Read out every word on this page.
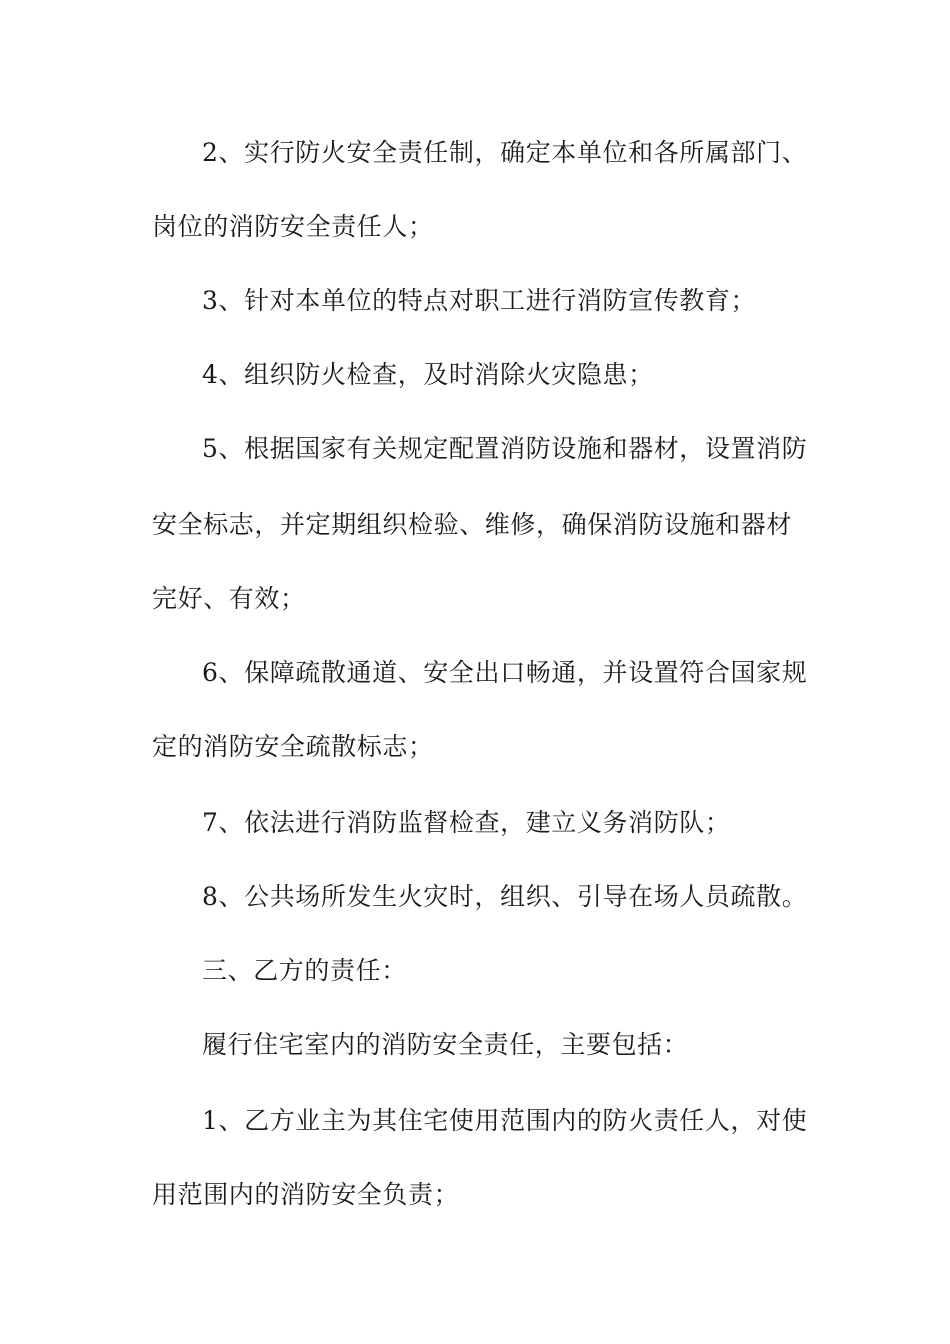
2、实行防火安全责任制，确定本单位和各所属部门、
岗位的消防安全责任人；
3、针对本单位的特点对职工进行消防宣传教育；
4、组织防火检查，及时消除火灾隐患；
5、根据国家有关规定配置消防设施和器材，设置消防
安全标志，并定期组织检验、维修，确保消防设施和器材
完好、有效；
6、保障疏散通道、安全出口畅通，并设置符合国家规
定的消防安全疏散标志；
7、依法进行消防监督检查，建立义务消防队；
8、公共场所发生火灾时，组织、引导在场人员疏散。
三、乙方的责任：
履行住宅室内的消防安全责任，主要包括：
1、乙方业主为其住宅使用范围内的防火责任人，对使
用范围内的消防安全负责；
